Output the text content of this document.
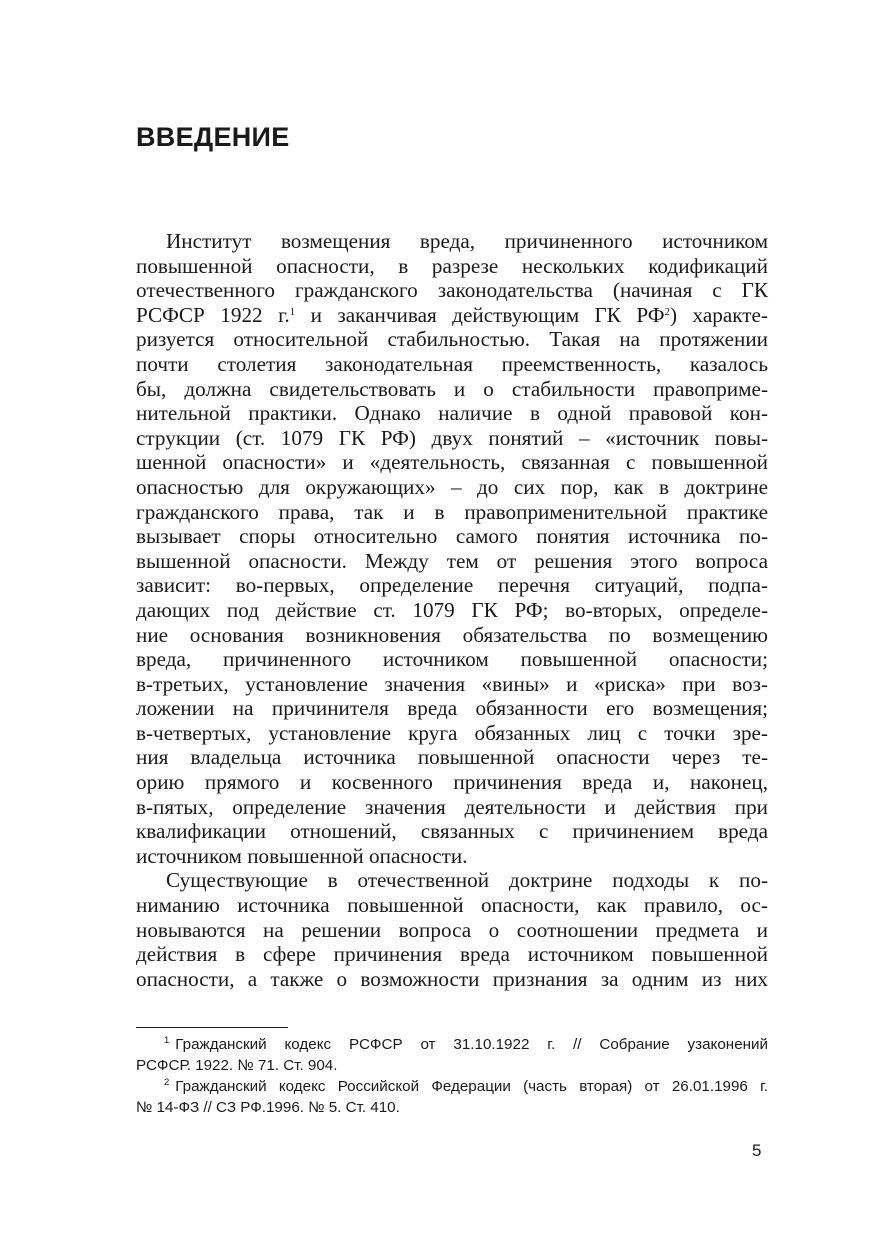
ВВЕДЕНИЕ
Институт возмещения вреда, причиненного источником
повышенной опасности, в разрезе нескольких кодификаций
отечественного гражданского законодательства (начиная с ГК
РСФСР 1922 г.$^1$ и заканчивая действующим ГК $РФ^2$) характе-
ризуется относительной стабильностью. Такая на протяжении
почти столетия законодательная преемственность, казалось
бы, должна свидетельствовать и о стабильности правоприме-
нительной практики. Однако наличие в одной правовой кон-
струкции (ст. 1079 ГК РФ) двух понятий – «источник повы-
шенной опасности» и «деятельность, связанная с повышенной
опасностью для окружающих» – до сих пор, как в доктрине
гражданского права, так и в правоприменительной практике
вызывает споры относительно самого понятия источника по-
вышенной опасности. Между тем от решения этого вопроса
зависит: во-первых, определение перечня ситуаций, подпа-
дающих под действие ст. 1079 ГК РФ; во-вторых, определе-
ние основания возникновения обязательства по возмещению
вреда, причиненного источником повышенной опасности;
в-третьих, установление значения «вины» и «риска» при воз-
ложении на причинителя вреда обязанности его возмещения;
в-четвертых, установление круга обязанных лиц с точки зре-
ния владельца источника повышенной опасности через те-
орию прямого и косвенного причинения вреда и, наконец,
в-пятых, определение значения деятельности и действия при
квалификации отношений, связанных с причинением вреда
источником повышенной опасности.
Существующие в отечественной доктрине подходы к по-
ниманию источника повышенной опасности, как правило, ос-
новываются на решении вопроса о соотношении предмета и
действия в сфере причинения вреда источником повышенной
опасности, а также о возможности признания за одним из них
$^1$ Гражданский кодекс РСФСР от 31.10.1922 г. // Собрание узаконений
РСФСР. 1922. № 71. Ст. 904.
$^2$ Гражданский кодекс Российской Федерации (часть вторая) от 26.01.1996 г.
№ 14-ФЗ // СЗ РФ.1996. № 5. Ст. 410.
5
